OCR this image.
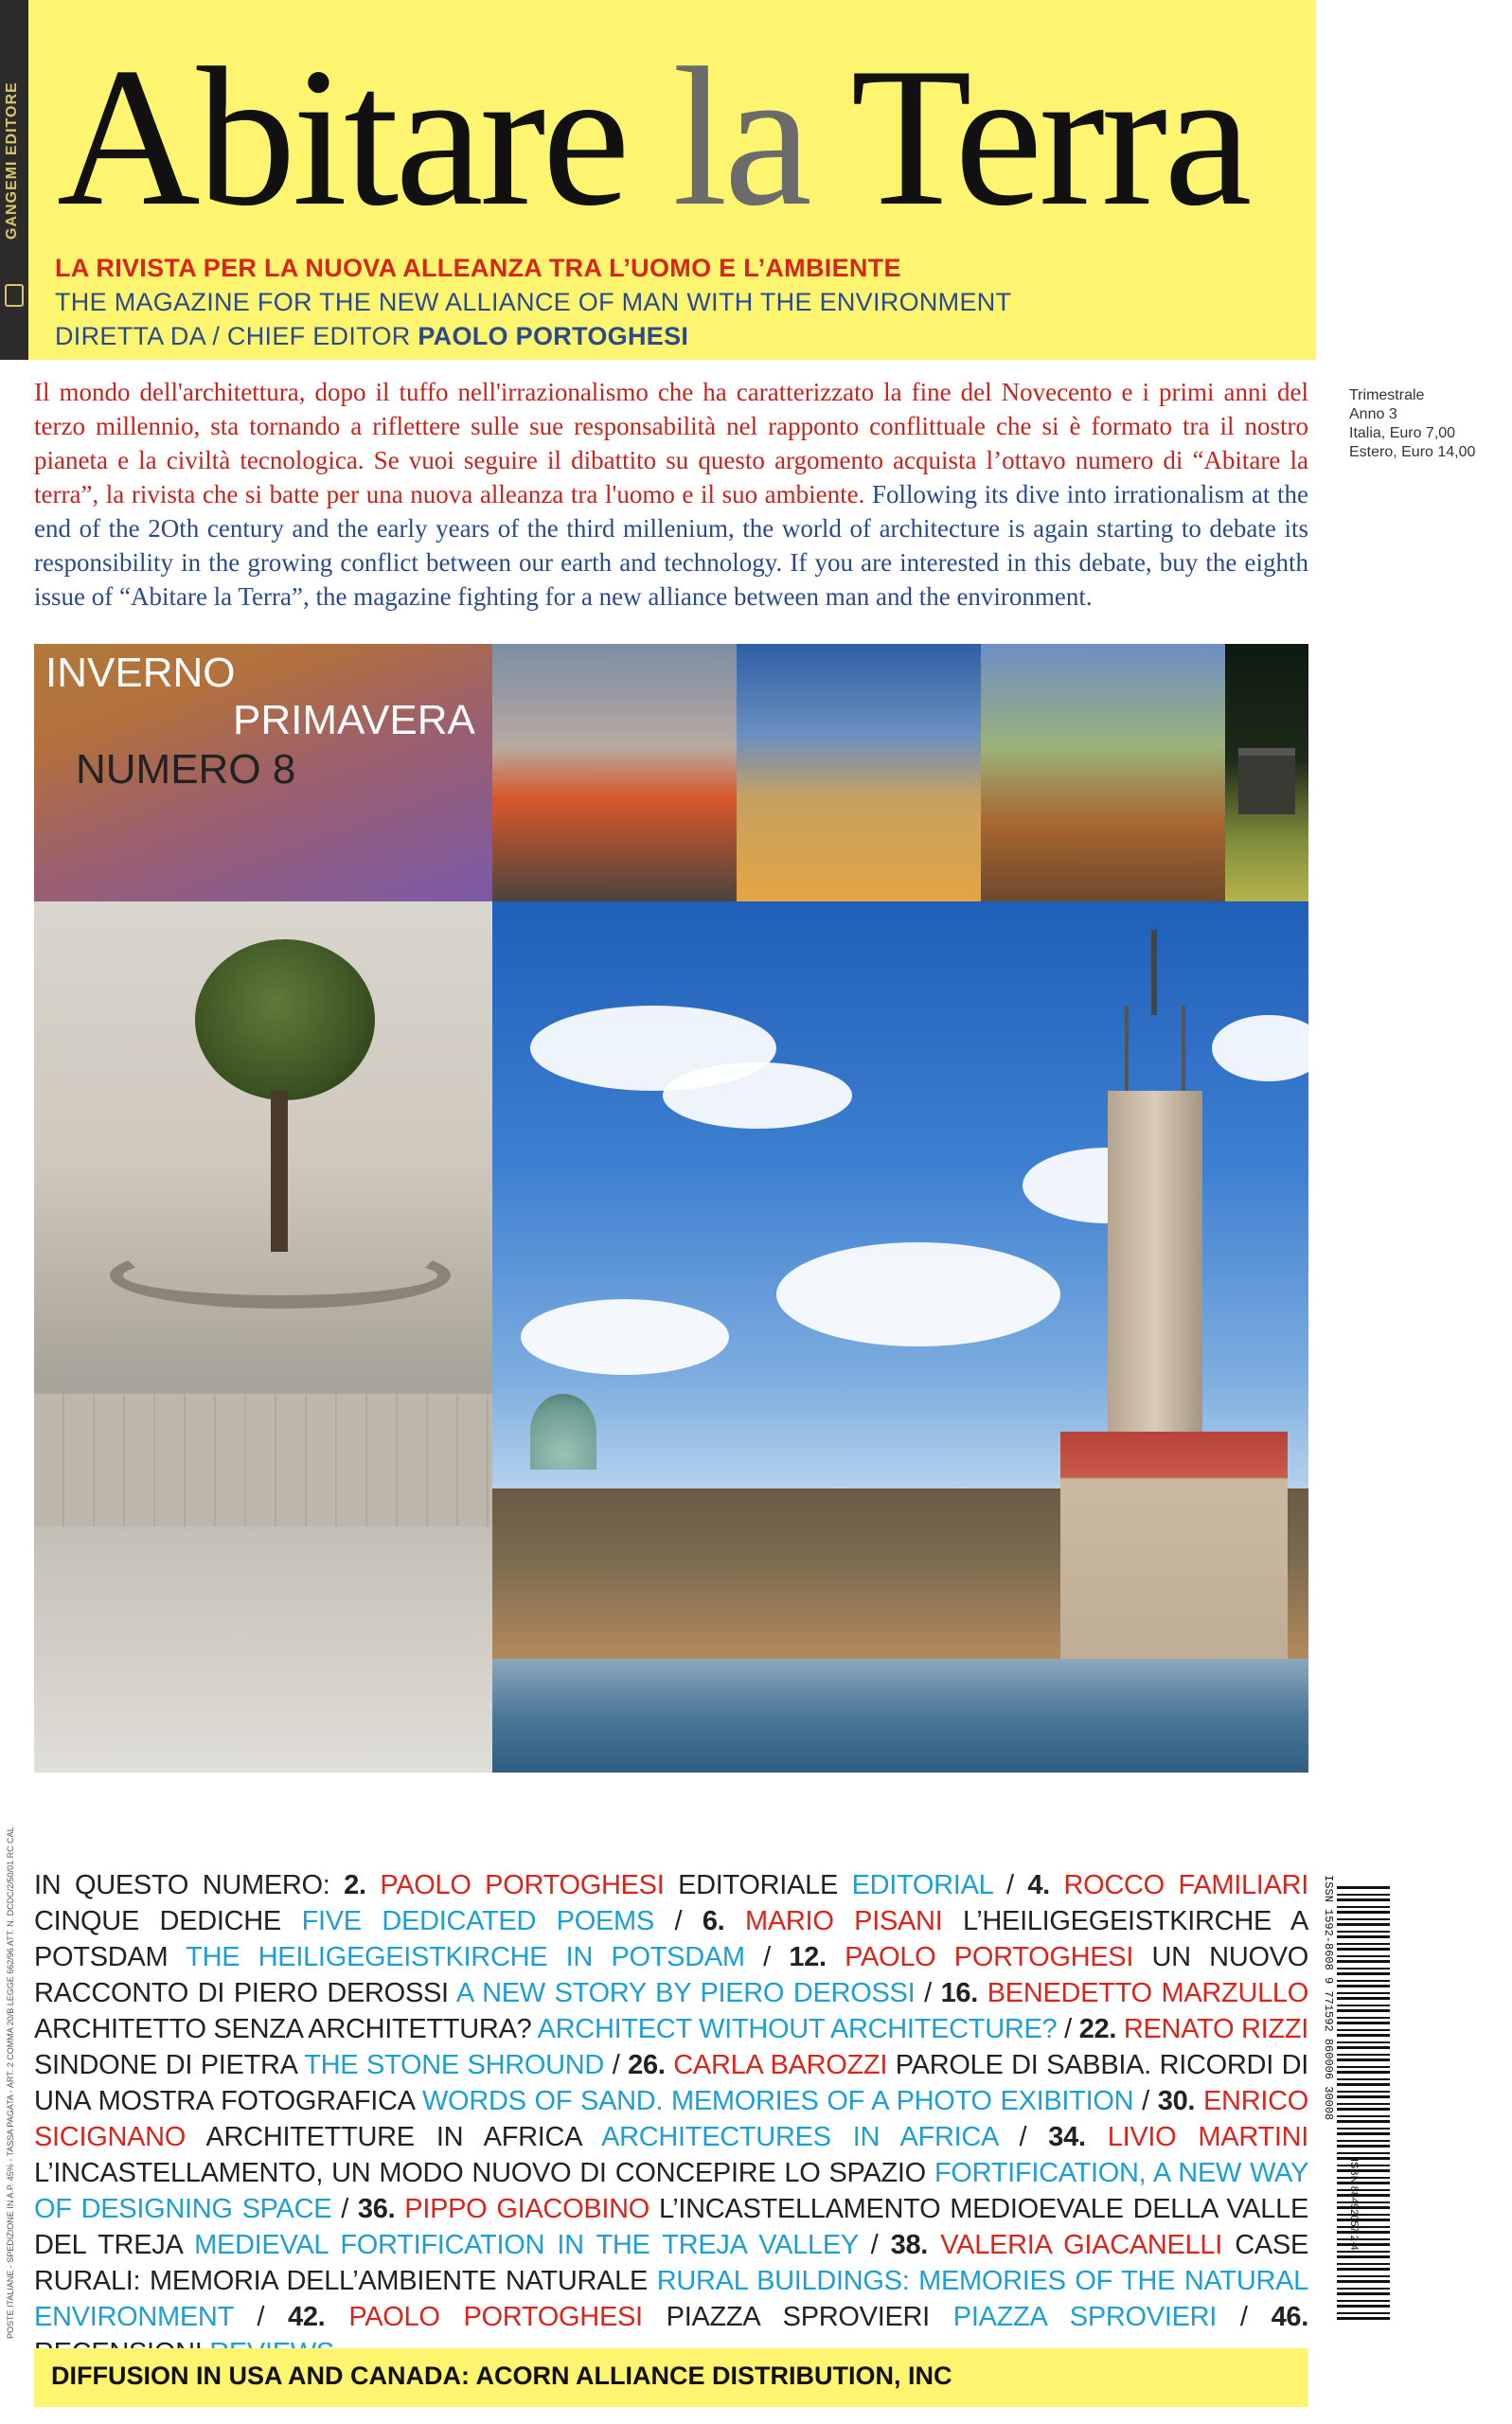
GANGEMI EDITORE Abitare la Terra
LA RIVISTA PER LA NUOVA ALLEANZA TRA L’UOMO E L’AMBIENTE
THE MAGAZINE FOR THE NEW ALLIANCE OF MAN WITH THE ENVIRONMENT
DIRETTA DA / CHIEF EDITOR PAOLO PORTOGHESI
Il mondo dell'architettura, dopo il tuffo nell'irrazionalismo che ha caratterizzato la fine del Novecento e i primi anni del terzo millennio, sta tornando a riflettere sulle sue responsabilità nel rapponto conflittuale che si è formato tra il nostro pianeta e la civiltà tecnologica. Se vuoi seguire il dibattito su questo argomento acquista l’ottavo numero di “Abitare la terra”, la rivista che si batte per una nuova alleanza tra l'uomo e il suo ambiente. Following its dive into irrationalism at the end of the 2Oth century and the early years of the third millenium, the world of architecture is again starting to debate its responsibility in the growing conflict between our earth and technology. If you are interested in this debate, buy the eighth issue of “Abitare la Terra”, the magazine fighting for a new alliance between man and the environment.
Trimestrale
Anno 3
Italia, Euro 7,00
Estero, Euro 14,00
INVERNO
PRIMAVERA
NUMERO 8
IN QUESTO NUMERO: 2. PAOLO PORTOGHESI EDITORIALE EDITORIAL / 4. ROCCO FAMILIARI CINQUE DEDICHE FIVE DEDICATED POEMS / 6. MARIO PISANI L’HEILIGEGEISTKIRCHE A POTSDAM THE HEILIGEGEISTKIRCHE IN POTSDAM / 12. PAOLO PORTOGHESI UN NUOVO RACCONTO DI PIERO DEROSSI A NEW STORY BY PIERO DEROSSI / 16. BENEDETTO MARZULLO ARCHITETTO SENZA ARCHITETTURA? ARCHITECT WITHOUT ARCHITECTURE? / 22. RENATO RIZZI SINDONE DI PIETRA THE STONE SHROUND / 26. CARLA BAROZZI PAROLE DI SABBIA. RICORDI DI UNA MOSTRA FOTOGRAFICA WORDS OF SAND. MEMORIES OF A PHOTO EXIBITION / 30. ENRICO SICIGNANO ARCHITETTURE IN AFRICA ARCHITECTURES IN AFRICA / 34. LIVIO MARTINI L’INCASTELLAMENTO, UN MODO NUOVO DI CONCEPIRE LO SPAZIO FORTIFICATION, A NEW WAY OF DESIGNING SPACE / 36. PIPPO GIACOBINO L’INCASTELLAMENTO MEDIOEVALE DELLA VALLE DEL TREJA MEDIEVAL FORTIFICATION IN THE TREJA VALLEY / 38. VALERIA GIACANELLI CASE RURALI: MEMORIA DELL’AMBIENTE NATURALE RURAL BUILDINGS: MEMORIES OF THE NATURAL ENVIRONMENT / 42. PAOLO PORTOGHESI PIAZZA SPROVIERI PIAZZA SPROVIERI / 46.
ISSN 1592-8608 9 771592 860006 30008
ISBN 88492057 2-4
POSTE ITALIANE - SPEDIZIONE IN A.P. 45% - TASSA PAGATA - ART. 2 COMMA 20/B LEGGE 662/96 ATT. N. DCDC/2/50/01 RC CAL
DIFFUSION IN USA AND CANADA: ACORN ALLIANCE DISTRIBUTION, INC
